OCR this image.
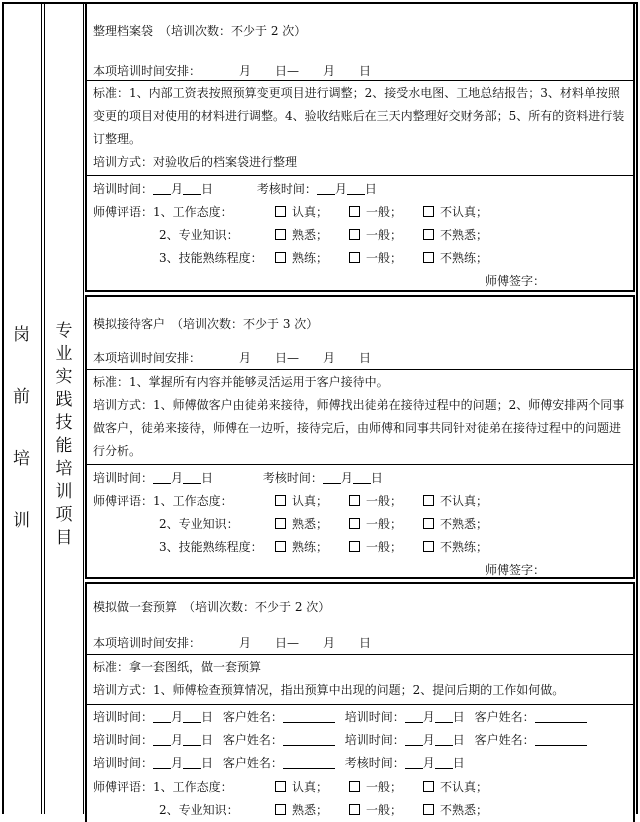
岗
前
培
训
专
业
实
践
技
能
培
训
项
目
整理档案袋 （培训次数：不少于 2 次）
本项培训时间安排：	月　　日—　　月　　日
标准：1、内部工资表按照预算变更项目进行调整；2、接受水电图、工地总结报告；3、材料单按照变更的项目对使用的材料进行调整。4、验收结账后在三天内整理好交财务部；5、所有的资料进行装订整理。
培训方式：对验收后的档案袋进行整理
培训时间： 月 日	考核时间： 月 日
师傅评语：1、工作态度：	认真；	一般；	不认真；
2、专业知识：	熟悉；	一般；	不熟悉；
3、技能熟练程度：	熟练；	一般；	不熟练；
师傅签字：
模拟接待客户 （培训次数：不少于 3 次）
本项培训时间安排：	月　　日—　　月　　日
标准：1、掌握所有内容并能够灵活运用于客户接待中。
培训方式：1、师傅做客户由徒弟来接待，师傅找出徒弟在接待过程中的问题；2、师傅安排两个同事做客户，徒弟来接待，师傅在一边听，接待完后，由师傅和同事共同针对徒弟在接待过程中的问题进行分析。
培训时间： 月 日	考核时间： 月 日
师傅评语：1、工作态度：	认真；	一般；	不认真；
2、专业知识：	熟悉；	一般；	不熟悉；
3、技能熟练程度：	熟练；	一般；	不熟练；
师傅签字：
模拟做一套预算 （培训次数：不少于 2 次）
本项培训时间安排：	月　　日—　　月　　日
标准：拿一套图纸，做一套预算
培训方式：1、师傅检查预算情况，指出预算中出现的问题；2、提问后期的工作如何做。
培训时间： 月 日 客户姓名：	培训时间： 月 日 客户姓名：
培训时间： 月 日 客户姓名：	培训时间： 月 日 客户姓名：
培训时间： 月 日 客户姓名：	考核时间： 月 日
师傅评语：1、工作态度：	认真；	一般；	不认真；
2、专业知识：	熟悉；	一般；	不熟悉；
